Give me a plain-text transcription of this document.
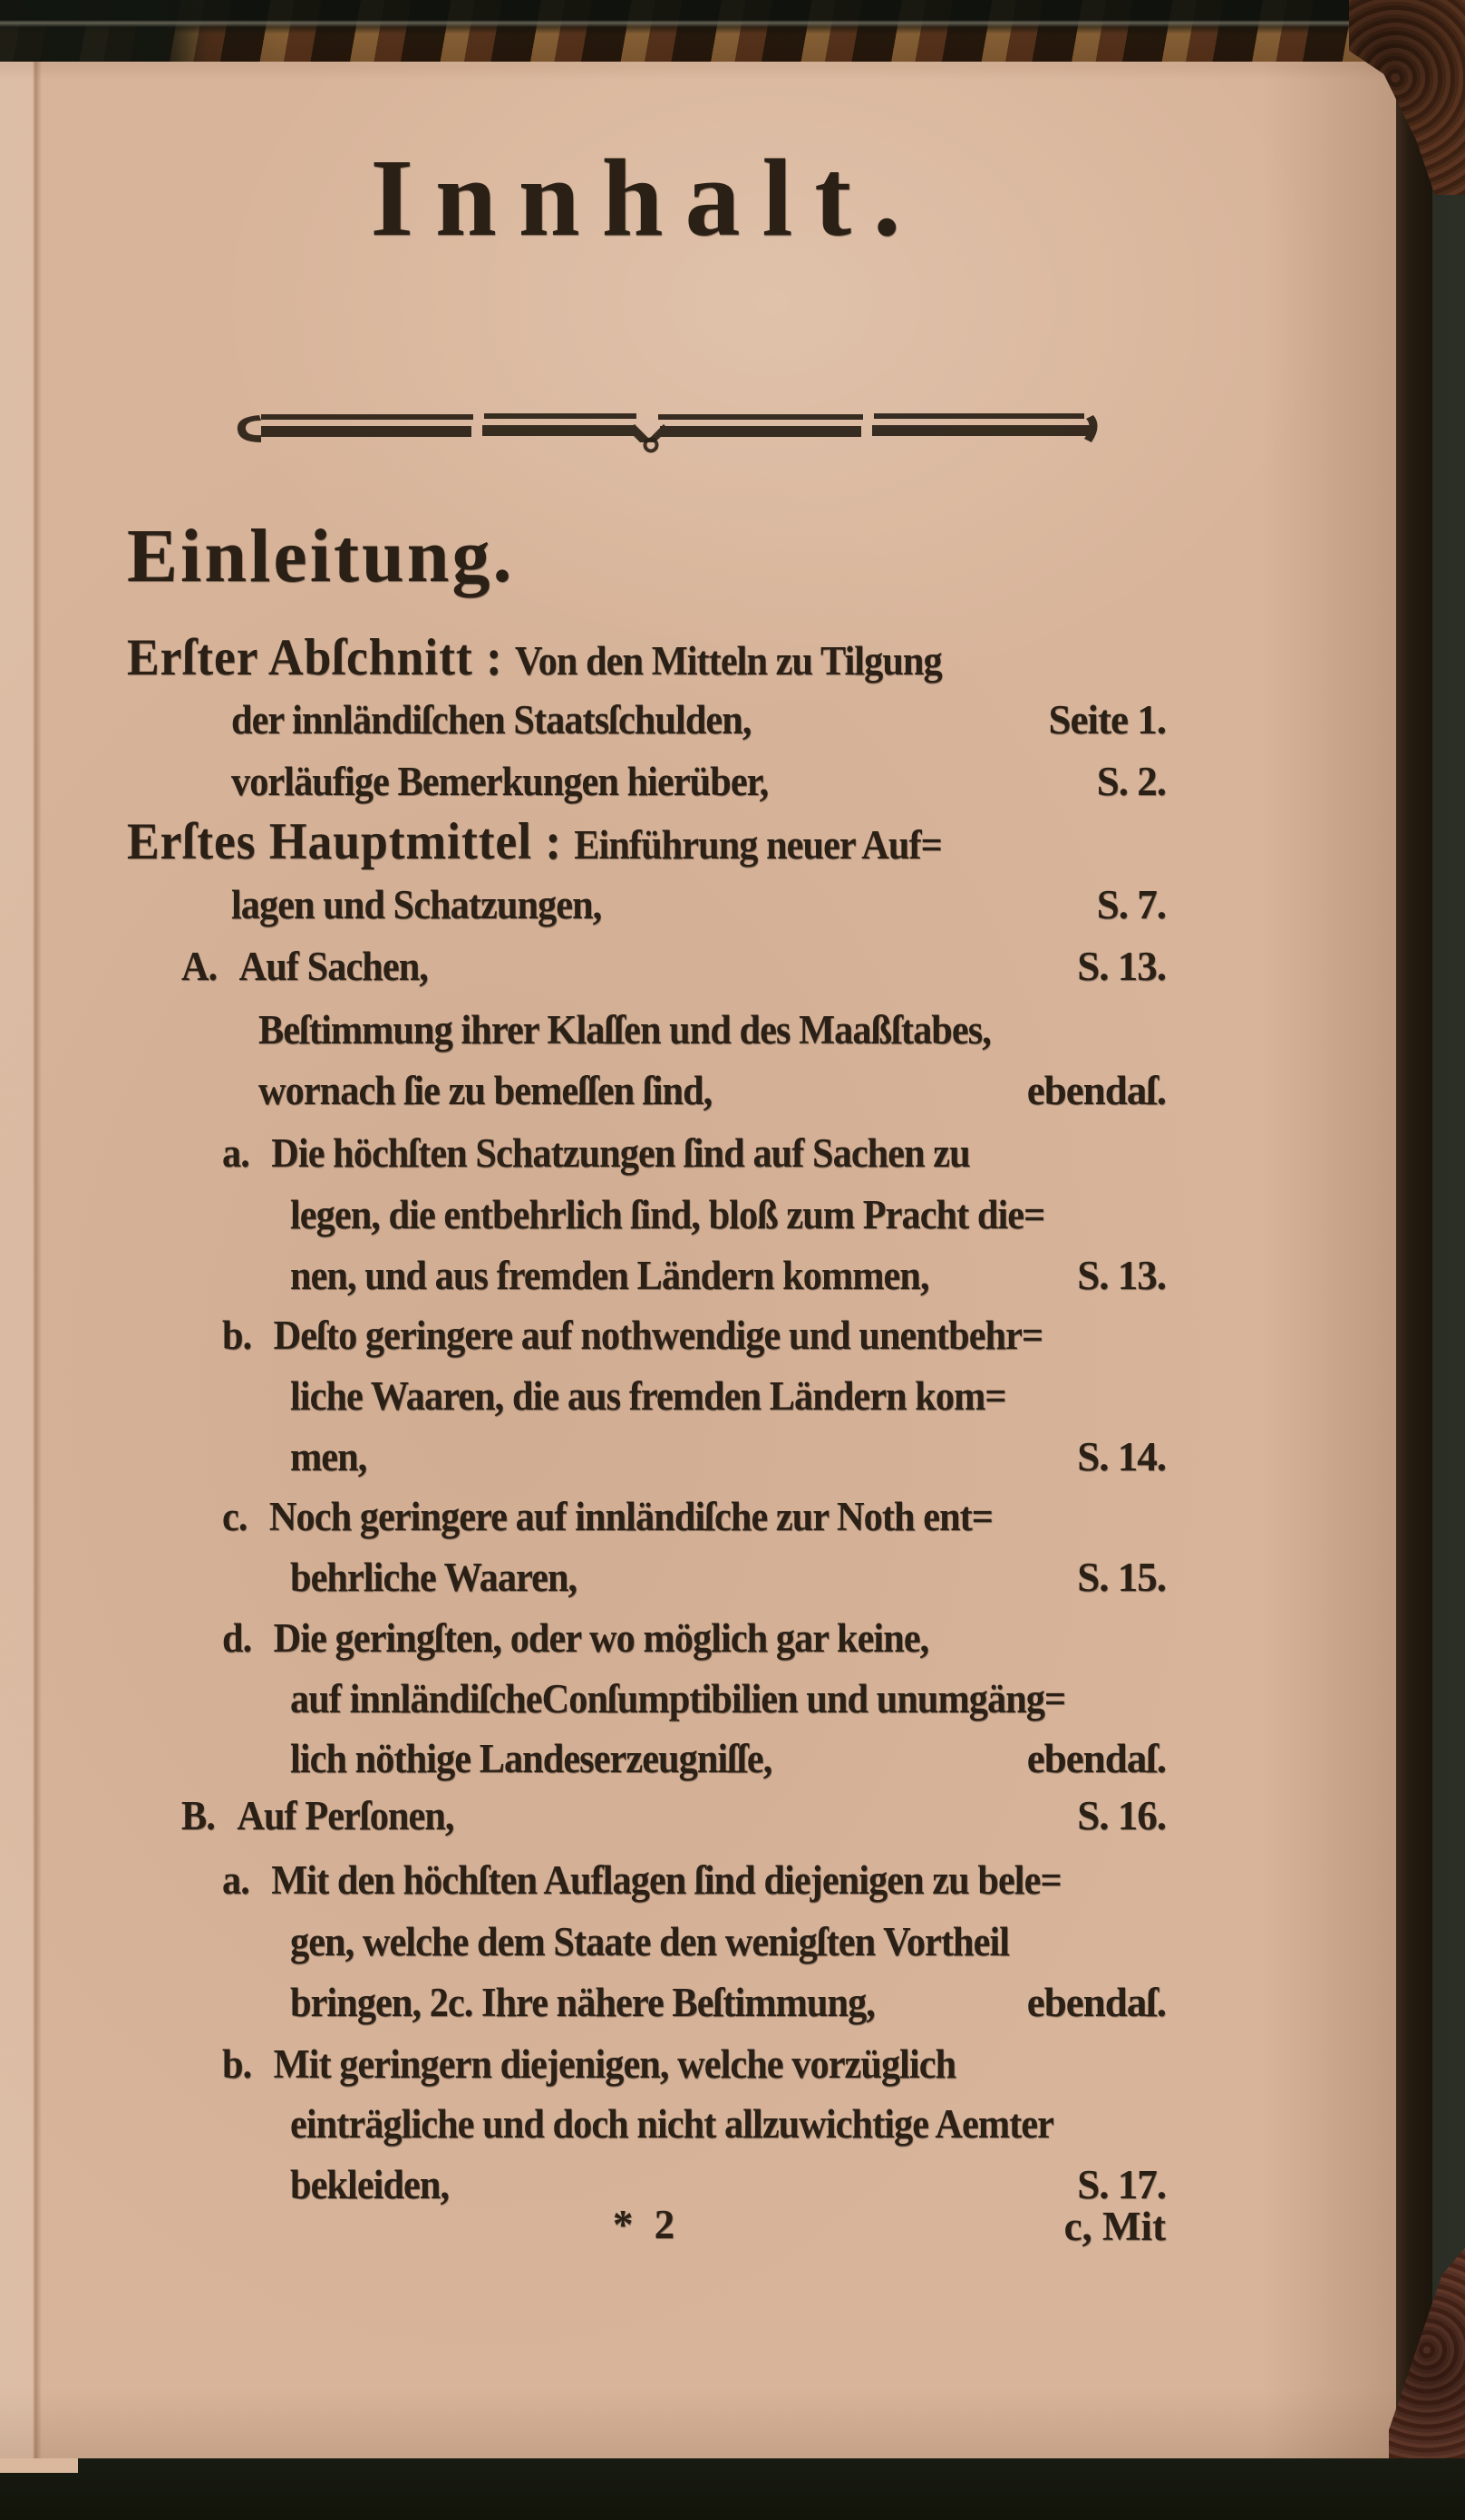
Innhalt.
Einleitung.
Erſter Abſchnitt : Von den Mitteln zu Tilgung
der innländiſchen Staatsſchulden,	Seite 1.
vorläufige Bemerkungen hierüber,	S. 2.
Erſtes Hauptmittel : Einführung neuer Auf=
lagen und Schatzungen,	S. 7.
A. Auf Sachen,	S. 13.
Beſtimmung ihrer Klaſſen und des Maaßſtabes,
wornach ſie zu bemeſſen ſind,	ebendaſ.
a. Die höchſten Schatzungen ſind auf Sachen zu
legen, die entbehrlich ſind, bloß zum Pracht die=
nen, und aus fremden Ländern kommen,	S. 13.
b. Deſto geringere auf nothwendige und unentbehr=
liche Waaren, die aus fremden Ländern kom=
men,	S. 14.
c. Noch geringere auf innländiſche zur Noth ent=
behrliche Waaren,	S. 15.
d. Die geringſten, oder wo möglich gar keine,
auf innländiſcheConſumptibilien und unumgäng=
lich nöthige Landeserzeugniſſe,	ebendaſ.
B. Auf Perſonen,	S. 16.
a. Mit den höchſten Auflagen ſind diejenigen zu bele=
gen, welche dem Staate den wenigſten Vortheil
bringen, 2c. Ihre nähere Beſtimmung,	ebendaſ.
b. Mit geringern diejenigen, welche vorzüglich
einträgliche und doch nicht allzuwichtige Aemter
bekleiden,	S. 17.
* 2	c, Mit
